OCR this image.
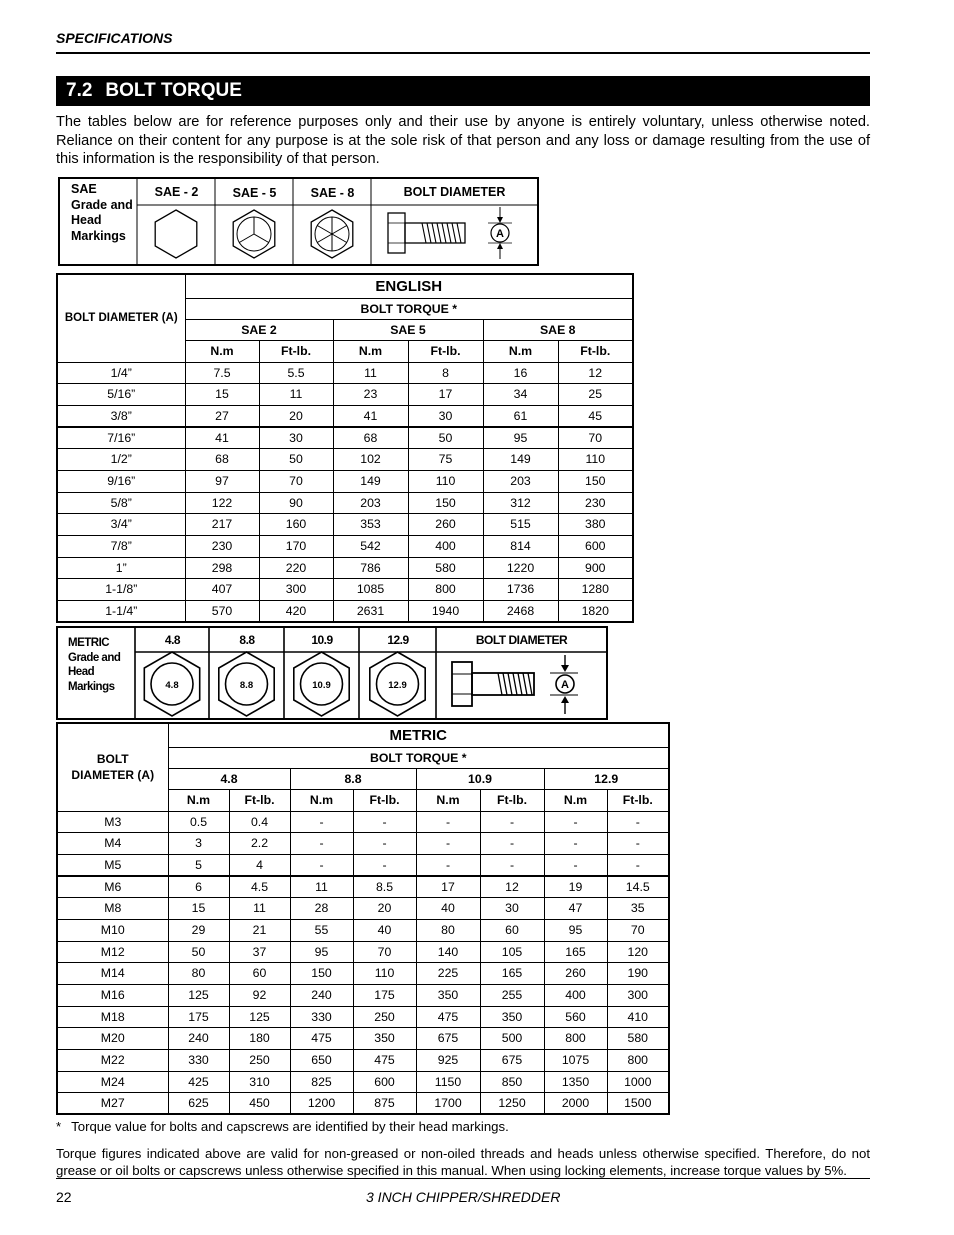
SPECIFICATIONS
7.2 BOLT TORQUE

The tables below are for reference purposes only and their use by anyone is entirely voluntary, unless otherwise noted. Reliance on their content for any purpose is at the sole risk of that person and any loss or damage resulting from the use of this information is the responsibility of that person.

A
SAE Grade and Head Markings
SAE - 2	SAE - 5	SAE - 8	BOLT DIAMETER
BOLT DIAMETER (A)	ENGLISH					
	BOLT TORQUE *					
	SAE 2		SAE 5		SAE 8	
	N.m	Ft-lb.	N.m	Ft-lb.	N.m	Ft-lb.
1/4”	7.5	5.5	11	8	16	12
5/16”	15	11	23	17	34	25
3/8”	27	20	41	30	61	45
7/16”	41	30	68	50	95	70
1/2”	68	50	102	75	149	110
9/16”	97	70	149	110	203	150
5/8”	122	90	203	150	312	230
3/4”	217	160	353	260	515	380
7/8”	230	170	542	400	814	600
1”	298	220	786	580	1220	900
1-1/8”	407	300	1085	800	1736	1280
1-1/4”	570	420	2631	1940	2468	1820
4.8	8.8	10.9	12.9	A
METRIC Grade and Head Markings
4.8	8.8	10.9	12.9	BOLT DIAMETER
BOLT DIAMETER (A)	METRIC							
	BOLT TORQUE *							
	4.8		8.8		10.9		12.9	
	N.m	Ft-lb.	N.m	Ft-lb.	N.m	Ft-lb.	N.m	Ft-lb.
M3	0.5	0.4	-	-	-	-	-	-
M4	3	2.2	-	-	-	-	-	-
M5	5	4	-	-	-	-	-	-
M6	6	4.5	11	8.5	17	12	19	14.5
M8	15	11	28	20	40	30	47	35
M10	29	21	55	40	80	60	95	70
M12	50	37	95	70	140	105	165	120
M14	80	60	150	110	225	165	260	190
M16	125	92	240	175	350	255	400	300
M18	175	125	330	250	475	350	560	410
M20	240	180	475	350	675	500	800	580
M22	330	250	650	475	925	675	1075	800
M24	425	310	825	600	1150	850	1350	1000
M27	625	450	1200	875	1700	1250	2000	1500
* Torque value for bolts and capscrews are identified by their head markings.

Torque figures indicated above are valid for non-greased or non-oiled threads and heads unless otherwise specified. Therefore, do not grease or oil bolts or capscrews unless otherwise specified in this manual. When using locking elements, increase torque values by 5%.

22	3 INCH CHIPPER/SHREDDER
